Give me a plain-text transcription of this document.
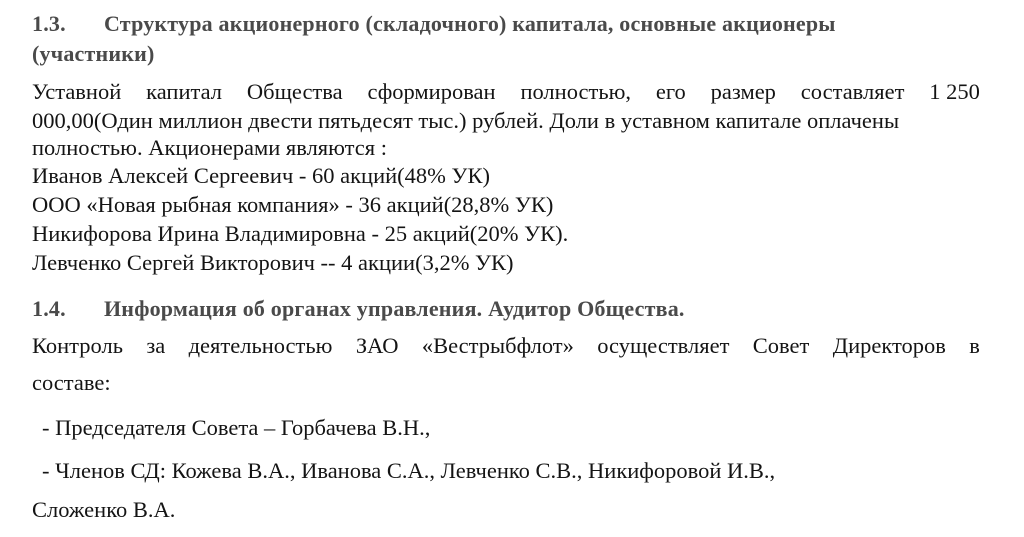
1.3. Структура акционерного (складочного) капитала, основные акционеры
(участники)
Уставной капитал Общества сформирован полностью, его размер составляет 1 250
000,00(Один миллион двести пятьдесят тыс.) рублей. Доли в уставном капитале оплачены
полностью. Акционерами являются :
Иванов Алексей Сергеевич - 60 акций(48% УК)
ООО «Новая рыбная компания» - 36 акций(28,8% УК)
Никифорова Ирина Владимировна - 25 акций(20% УК).
Левченко Сергей Викторович -- 4 акции(3,2% УК)
1.4. Информация об органах управления. Аудитор Общества.
Контроль за деятельностью ЗАО «Вестрыбфлот» осуществляет Совет Директоров в
составе:
- Председателя Совета – Горбачева В.Н.,
- Членов СД: Кожева В.А., Иванова С.А., Левченко С.В., Никифоровой И.В.,
Сложенко В.А.
